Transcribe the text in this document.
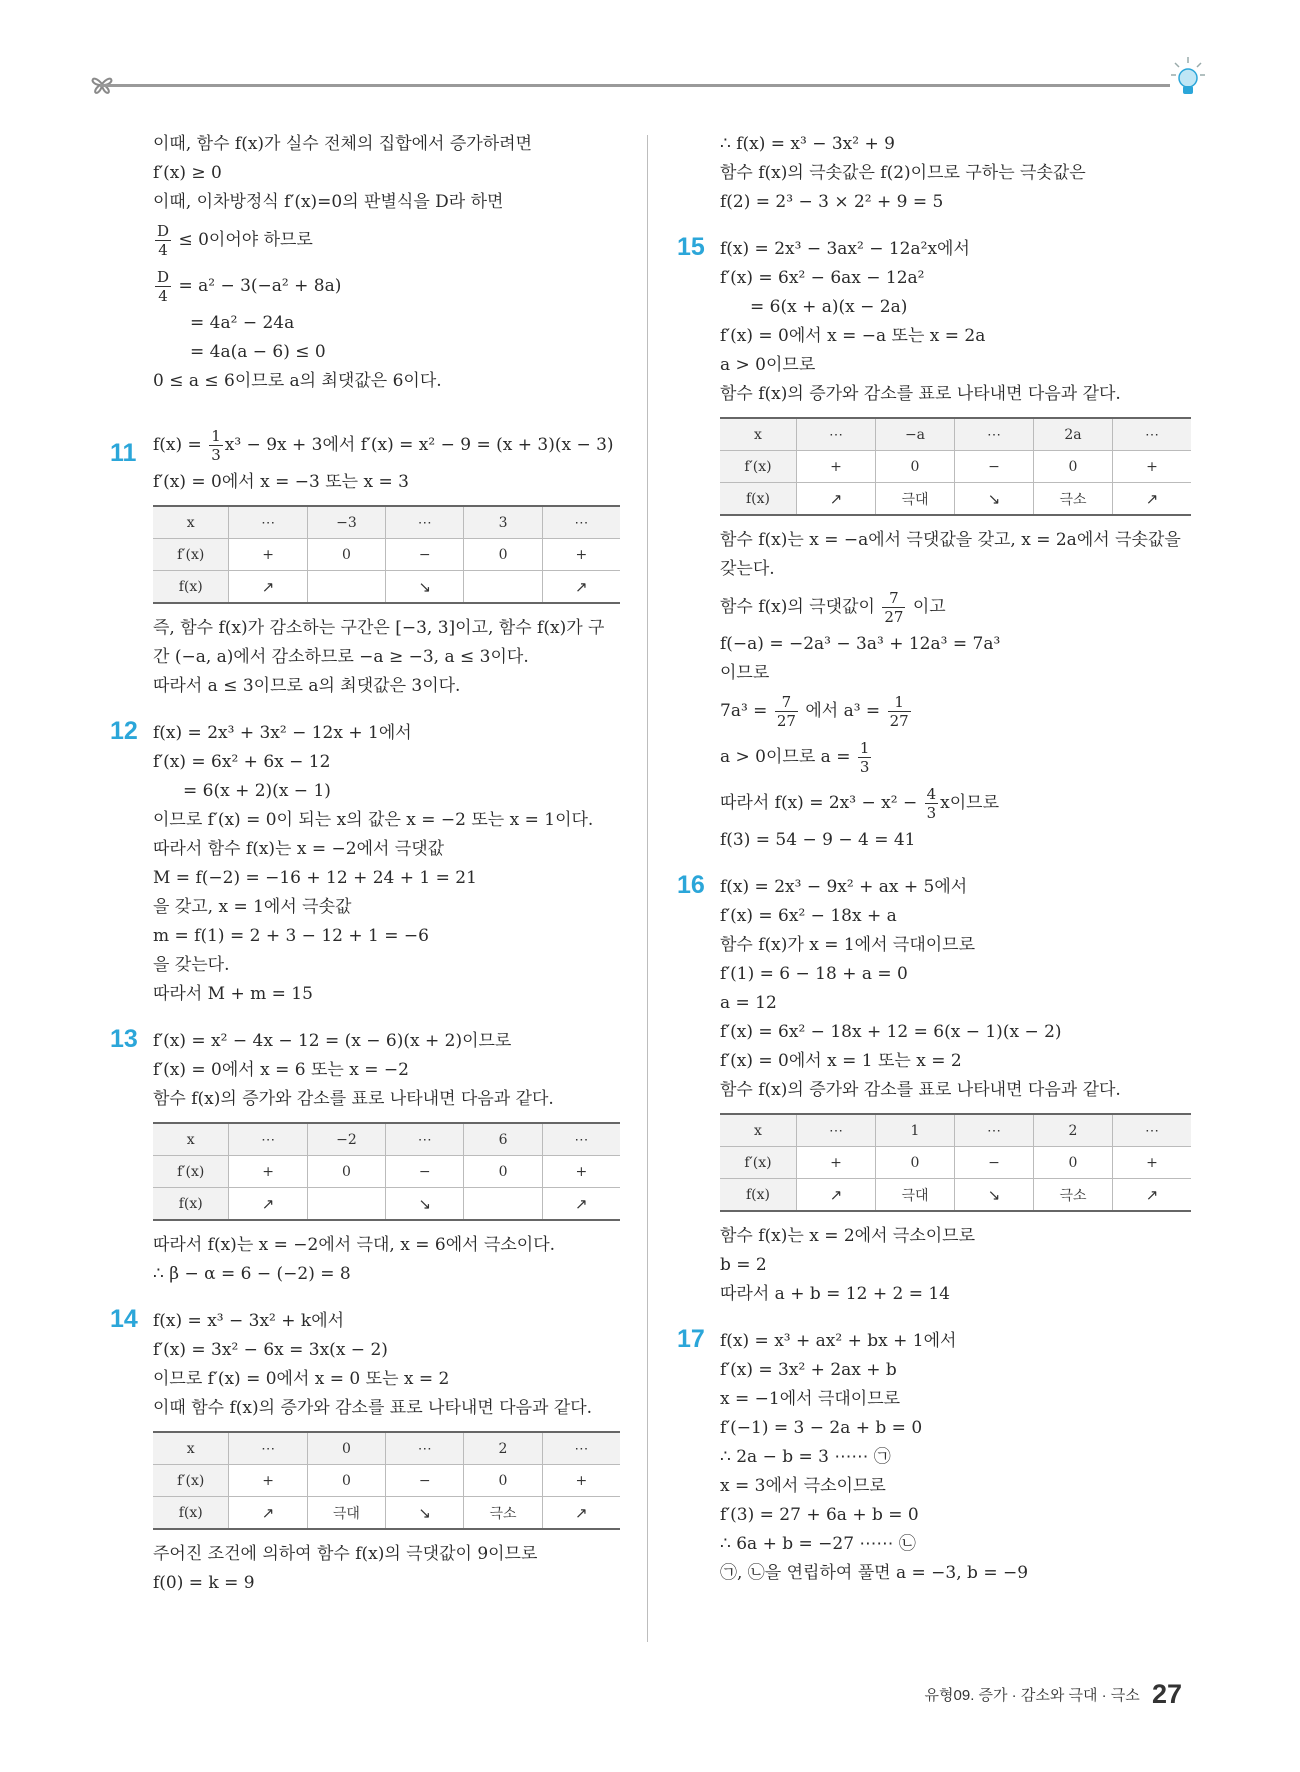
이때, 함수 f(x)가 실수 전체의 집합에서 증가하려면
f′(x) ≥ 0
이때, 이차방정식 f′(x)=0의 판별식을 D라 하면
$\frac{D}{4} \le 0$이어야 하므로
$\frac{D}{4} = a^2 - 3(-a^2 + 8a)$
= 4a² − 24a
= 4a(a − 6) ≤ 0
0 ≤ a ≤ 6이므로 a의 최댓값은 6이다.
11 $f(x) = \frac{1}{3} x^3 - 9x + 3$에서 f′(x) = x² − 9 = (x + 3)(x − 3)
f′(x) = 0에서 x = −3 또는 x = 3
x	⋯	−3	⋯	3	⋯
f′(x)	+	0	−	0	+
f(x)	↗		↘		↗
즉, 함수 f(x)가 감소하는 구간은 [−3, 3]이고, 함수 f(x)가 구
간 (−a, a)에서 감소하므로 −a ≥ −3, a ≤ 3이다.
따라서 a ≤ 3이므로 a의 최댓값은 3이다.
12 f(x) = 2x³ + 3x² − 12x + 1에서
f′(x) = 6x² + 6x − 12
= 6(x + 2)(x − 1)
이므로 f′(x) = 0이 되는 x의 값은 x = −2 또는 x = 1이다.
따라서 함수 f(x)는 x = −2에서 극댓값
M = f(−2) = −16 + 12 + 24 + 1 = 21
을 갖고, x = 1에서 극솟값
m = f(1) = 2 + 3 − 12 + 1 = −6
을 갖는다.
따라서 M + m = 15
13 f′(x) = x² − 4x − 12 = (x − 6)(x + 2)이므로
f′(x) = 0에서 x = 6 또는 x = −2
함수 f(x)의 증가와 감소를 표로 나타내면 다음과 같다.
x	⋯	−2	⋯	6	⋯
f′(x)	+	0	−	0	+
f(x)	↗		↘		↗
따라서 f(x)는 x = −2에서 극대, x = 6에서 극소이다.
∴ β − α = 6 − (−2) = 8
14 f(x) = x³ − 3x² + k에서
f′(x) = 3x² − 6x = 3x(x − 2)
이므로 f′(x) = 0에서 x = 0 또는 x = 2
이때 함수 f(x)의 증가와 감소를 표로 나타내면 다음과 같다.
x	⋯	0	⋯	2	⋯
f′(x)	+	0	−	0	+
f(x)	↗	극대	↘	극소	↗
주어진 조건에 의하여 함수 f(x)의 극댓값이 9이므로
f(0) = k = 9
∴ f(x) = x³ − 3x² + 9
함수 f(x)의 극솟값은 f(2)이므로 구하는 극솟값은
f(2) = 2³ − 3 × 2² + 9 = 5
15 f(x) = 2x³ − 3ax² − 12a²x에서
f′(x) = 6x² − 6ax − 12a²
= 6(x + a)(x − 2a)
f′(x) = 0에서 x = −a 또는 x = 2a
a > 0이므로
함수 f(x)의 증가와 감소를 표로 나타내면 다음과 같다.
x	⋯	−a	⋯	2a	⋯
f′(x)	+	0	−	0	+
f(x)	↗	극대	↘	극소	↗
함수 f(x)는 x = −a에서 극댓값을 갖고, x = 2a에서 극솟값을
갖는다.
함수 f(x)의 극댓값이 $\frac{7}{27}$ 이고
f(−a) = −2a³ − 3a³ + 12a³ = 7a³
이므로
$7a^3 = \frac{7}{27}$ 에서 $a^3 = \frac{1}{27}$
a > 0이므로 $a = \frac{1}{3}$
따라서 $f(x) = 2x^3 - x^2 - \frac{4}{3}$ x이므로
f(3) = 54 − 9 − 4 = 41
16 f(x) = 2x³ − 9x² + ax + 5에서
f′(x) = 6x² − 18x + a
함수 f(x)가 x = 1에서 극대이므로
f′(1) = 6 − 18 + a = 0
a = 12
f′(x) = 6x² − 18x + 12 = 6(x − 1)(x − 2)
f′(x) = 0에서 x = 1 또는 x = 2
함수 f(x)의 증가와 감소를 표로 나타내면 다음과 같다.
x	⋯	1	⋯	2	⋯
f′(x)	+	0	−	0	+
f(x)	↗	극대	↘	극소	↗
함수 f(x)는 x = 2에서 극소이므로
b = 2
따라서 a + b = 12 + 2 = 14
17 f(x) = x³ + ax² + bx + 1에서
f′(x) = 3x² + 2ax + b
x = −1에서 극대이므로
f′(−1) = 3 − 2a + b = 0
∴ 2a − b = 3 ⋯⋯ ㉠
x = 3에서 극소이므로
f′(3) = 27 + 6a + b = 0
∴ 6a + b = −27 ⋯⋯ ㉡
㉠, ㉡을 연립하여 풀면 a = −3, b = −9
유형09. 증가 · 감소와 극대 · 극소 27
